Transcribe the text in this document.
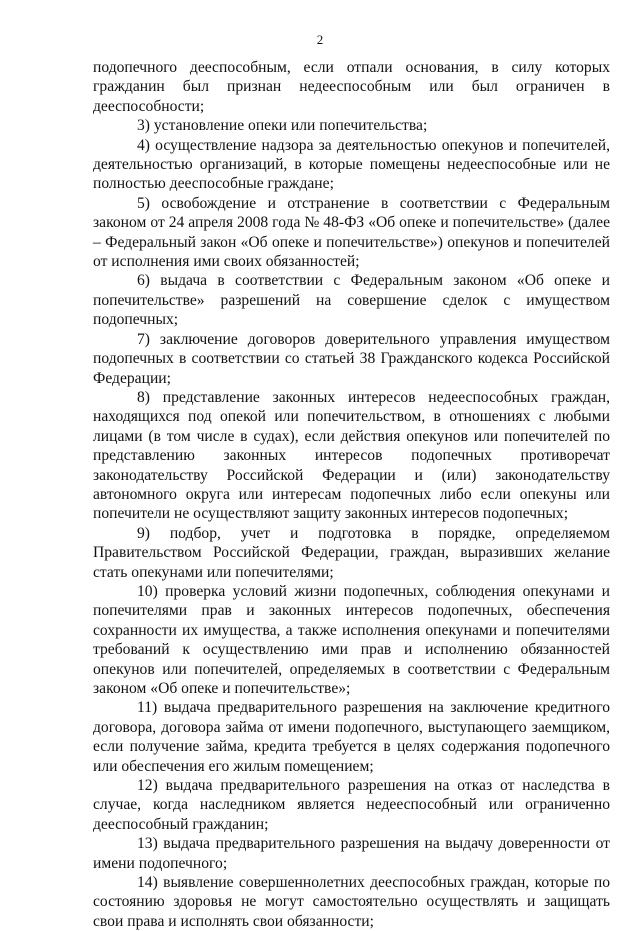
2

подопечного дееспособным, если отпали основания, в силу которых гражданин был признан недееспособным или был ограничен в дееспособности;

3) установление опеки или попечительства;

4) осуществление надзора за деятельностью опекунов и попечителей, деятельностью организаций, в которые помещены недееспособные или не полностью дееспособные граждане;

5) освобождение и отстранение в соответствии с Федеральным законом от 24 апреля 2008 года № 48-ФЗ «Об опеке и попечительстве» (далее – Федеральный закон «Об опеке и попечительстве») опекунов и попечителей от исполнения ими своих обязанностей;

6) выдача в соответствии с Федеральным законом «Об опеке и попечительстве» разрешений на совершение сделок с имуществом подопечных;

7) заключение договоров доверительного управления имуществом подопечных в соответствии со статьей 38 Гражданского кодекса Российской Федерации;

8) представление законных интересов недееспособных граждан, находящихся под опекой или попечительством, в отношениях с любыми лицами (в том числе в судах), если действия опекунов или попечителей по представлению законных интересов подопечных противоречат законодательству Российской Федерации и (или) законодательству автономного округа или интересам подопечных либо если опекуны или попечители не осуществляют защиту законных интересов подопечных;

9) подбор, учет и подготовка в порядке, определяемом Правительством Российской Федерации, граждан, выразивших желание стать опекунами или попечителями;

10) проверка условий жизни подопечных, соблюдения опекунами и попечителями прав и законных интересов подопечных, обеспечения сохранности их имущества, а также исполнения опекунами и попечителями требований к осуществлению ими прав и исполнению обязанностей опекунов или попечителей, определяемых в соответствии с Федеральным законом «Об опеке и попечительстве»;

11) выдача предварительного разрешения на заключение кредитного договора, договора займа от имени подопечного, выступающего заемщиком, если получение займа, кредита требуется в целях содержания подопечного или обеспечения его жилым помещением;

12) выдача предварительного разрешения на отказ от наследства в случае, когда наследником является недееспособный или ограниченно дееспособный гражданин;

13) выдача предварительного разрешения на выдачу доверенности от имени подопечного;

14) выявление совершеннолетних дееспособных граждан, которые по состоянию здоровья не могут самостоятельно осуществлять и защищать свои права и исполнять свои обязанности;
